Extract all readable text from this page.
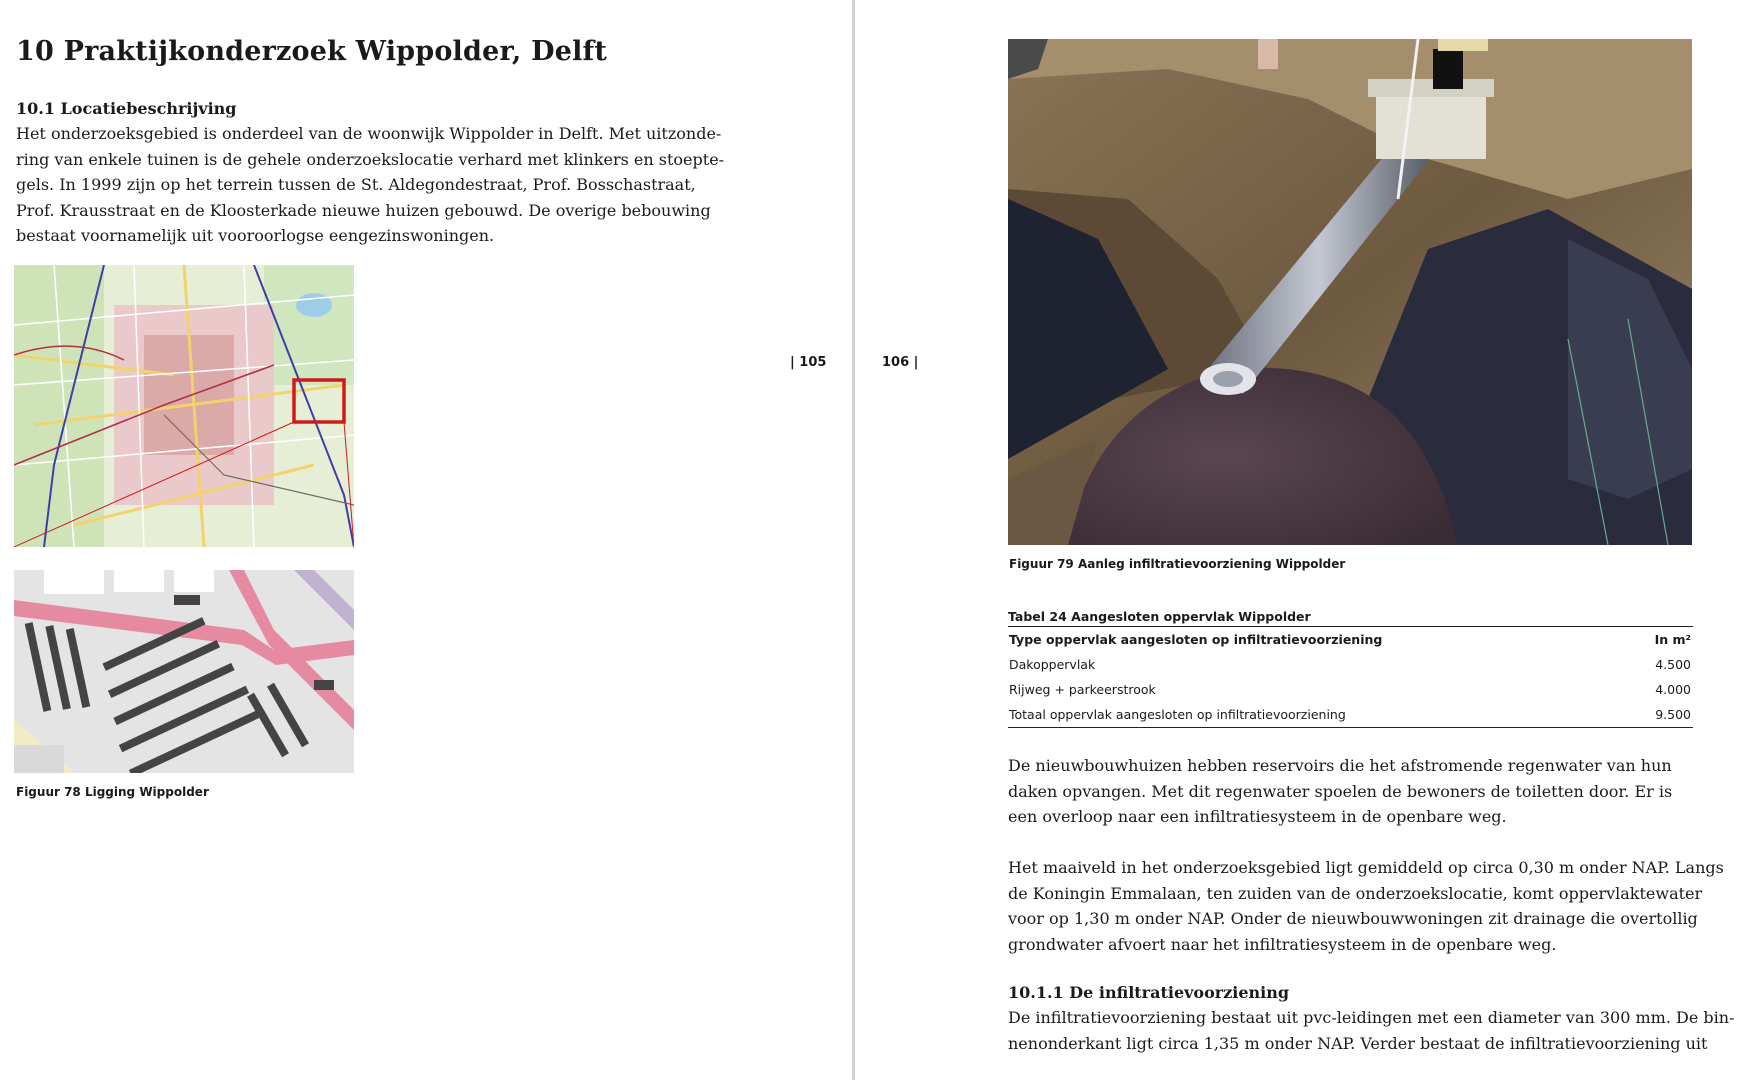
10 Praktijkonderzoek Wippolder, Delft
10.1 Locatiebeschrijving

Het onderzoeksgebied is onderdeel van de woonwijk Wippolder in Delft. Met uitzonde-
ring van enkele tuinen is de gehele onderzoekslocatie verhard met klinkers en stoepte-
gels. In 1999 zijn op het terrein tussen de St. Aldegondestraat, Prof. Bosschastraat,
Prof. Krausstraat en de Kloosterkade nieuwe huizen gebouwd. De overige bebouwing
bestaat voornamelijk uit vooroorlogse eengezinswoningen.

Figuur 78 Ligging Wippolder
| 105	106 |
Figuur 79 Aanleg infiltratievoorziening Wippolder
Tabel 24 Aangesloten oppervlak Wippolder
Type oppervlak aangesloten op infiltratievoorziening	In m²
Dakoppervlak	4.500
Rijweg + parkeerstrook	4.000
Totaal oppervlak aangesloten op infiltratievoorziening	9.500

De nieuwbouwhuizen hebben reservoirs die het afstromende regenwater van hun
daken opvangen. Met dit regenwater spoelen de bewoners de toiletten door. Er is
een overloop naar een infiltratiesysteem in de openbare weg.

Het maaiveld in het onderzoeksgebied ligt gemiddeld op circa 0,30 m onder NAP. Langs
de Koningin Emmalaan, ten zuiden van de onderzoekslocatie, komt oppervlaktewater
voor op 1,30 m onder NAP. Onder de nieuwbouwwoningen zit drainage die overtollig
grondwater afvoert naar het infiltratiesysteem in de openbare weg.

10.1.1 De infiltratievoorziening

De infiltratievoorziening bestaat uit pvc-leidingen met een diameter van 300 mm. De bin-
nenonderkant ligt circa 1,35 m onder NAP. Verder bestaat de infiltratievoorziening uit
